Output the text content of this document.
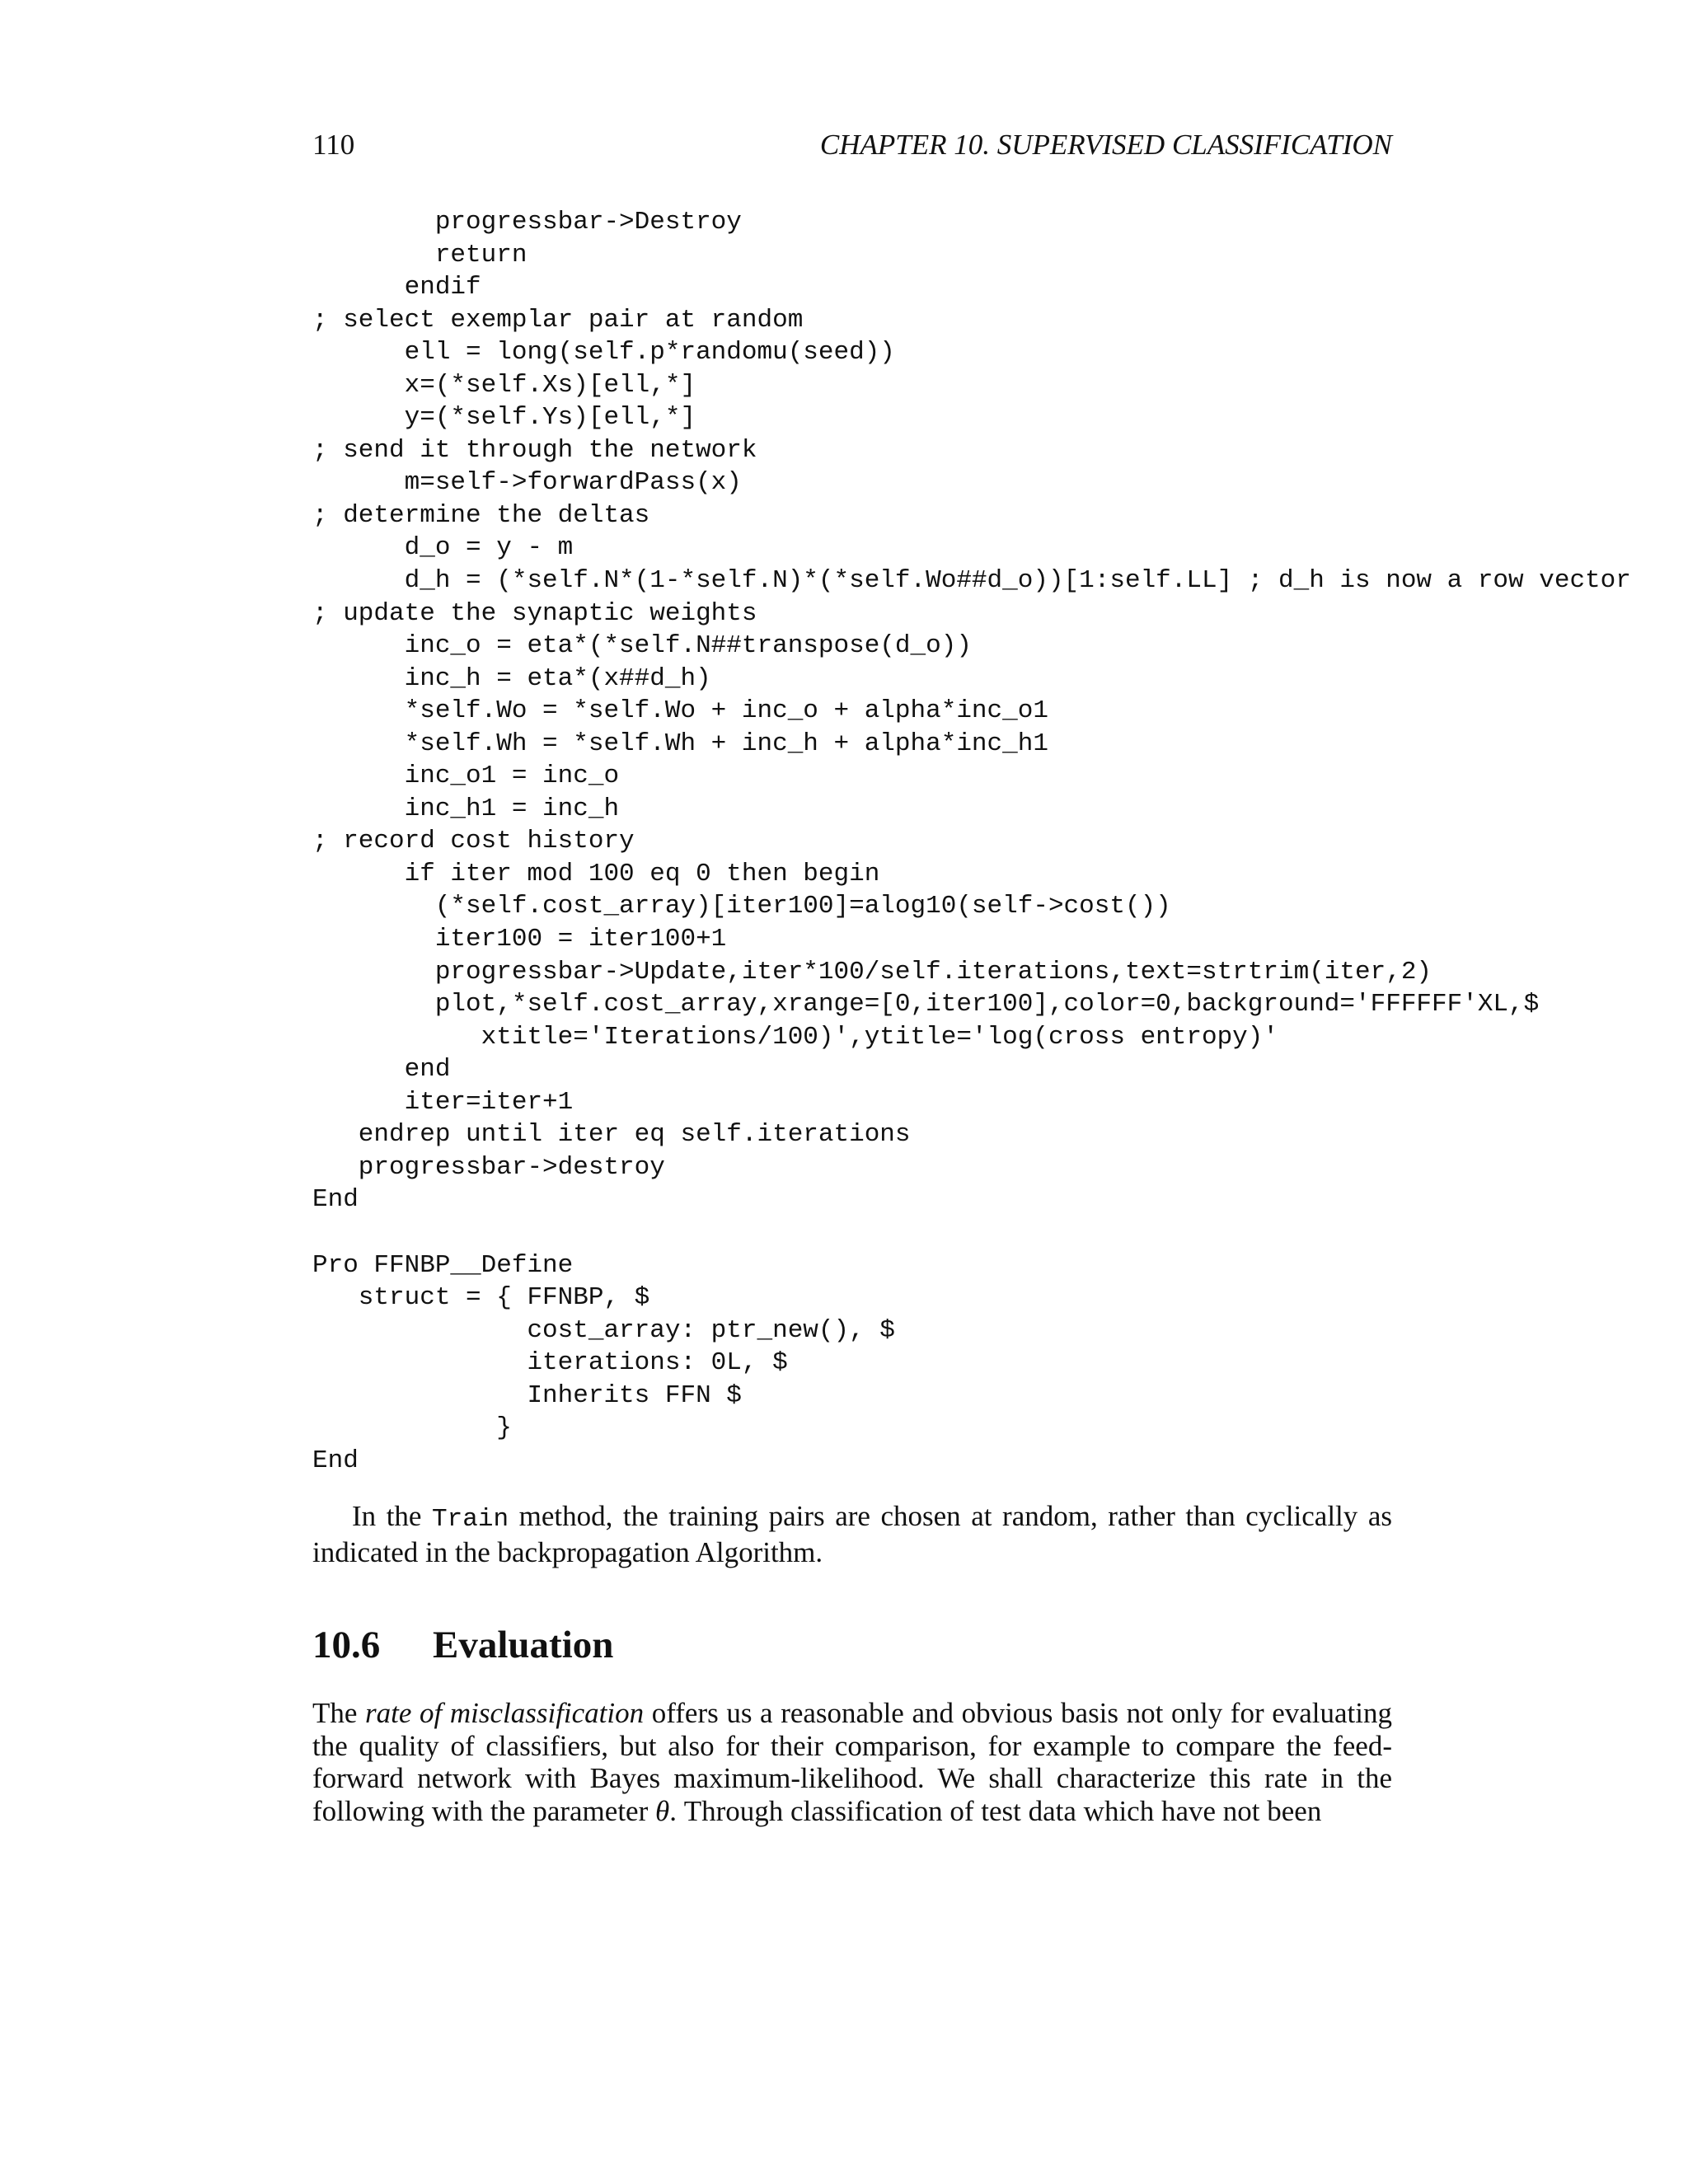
110	CHAPTER 10. SUPERVISED CLASSIFICATION
progressbar->Destroy
return
endif
; select exemplar pair at random
ell = long(self.p*randomu(seed))
x=(*self.Xs)[ell,*]
y=(*self.Ys)[ell,*]
; send it through the network
m=self->forwardPass(x)
; determine the deltas
d_o = y - m
d_h = (*self.N*(1-*self.N)*(*self.Wo##d_o))[1:self.LL] ; d_h is now a row vector
; update the synaptic weights
inc_o = eta*(*self.N##transpose(d_o))
inc_h = eta*(x##d_h)
*self.Wo = *self.Wo + inc_o + alpha*inc_o1
*self.Wh = *self.Wh + inc_h + alpha*inc_h1
inc_o1 = inc_o
inc_h1 = inc_h
; record cost history
if iter mod 100 eq 0 then begin
(*self.cost_array)[iter100]=alog10(self->cost())
iter100 = iter100+1
progressbar->Update,iter*100/self.iterations,text=strtrim(iter,2)
plot,*self.cost_array,xrange=[0,iter100],color=0,background='FFFFFF'XL,$
xtitle='Iterations/100)',ytitle='log(cross entropy)'
end
iter=iter+1
endrep until iter eq self.iterations
progressbar->destroy
End
Pro FFNBP__Define
struct = { FFNBP, $
cost_array: ptr_new(), $
iterations: 0L, $
Inherits FFN $
}
End

In the Train method, the training pairs are chosen at random, rather than cyclically as indicated in the backpropagation Algorithm.

10.6 Evaluation

The rate of misclassification offers us a reasonable and obvious basis not only for evaluating the quality of classifiers, but also for their comparison, for example to compare the feed-forward network with Bayes maximum-likelihood. We shall characterize this rate in the following with the parameter θ. Through classification of test data which have not been
